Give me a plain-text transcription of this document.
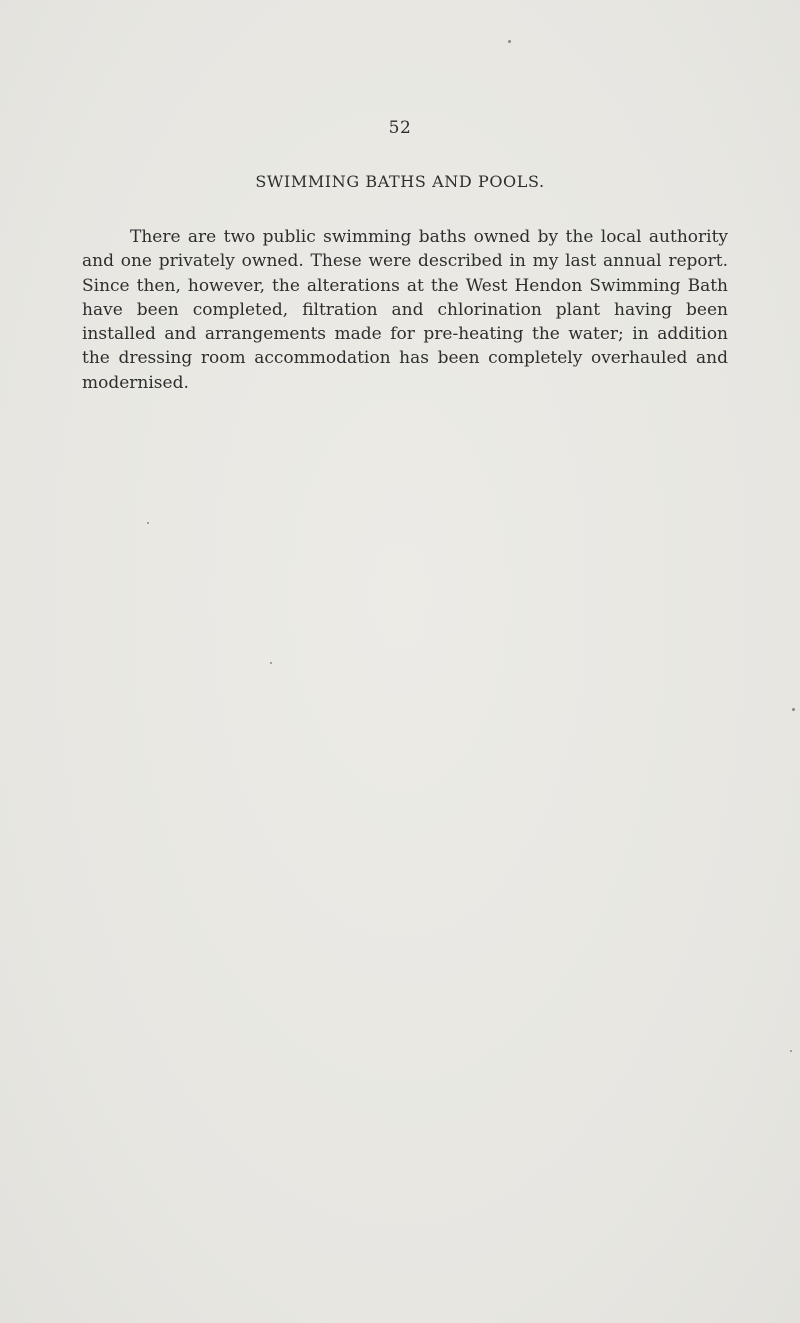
52
SWIMMING BATHS AND POOLS.

There are two public swimming baths owned by the local authority and one privately owned. These were described in my last annual report. Since then, however, the alterations at the West Hendon Swimming Bath have been completed, filtration and chlorination plant having been installed and arrangements made for pre-heating the water; in addition the dressing room accommodation has been completely overhauled and modernised.
